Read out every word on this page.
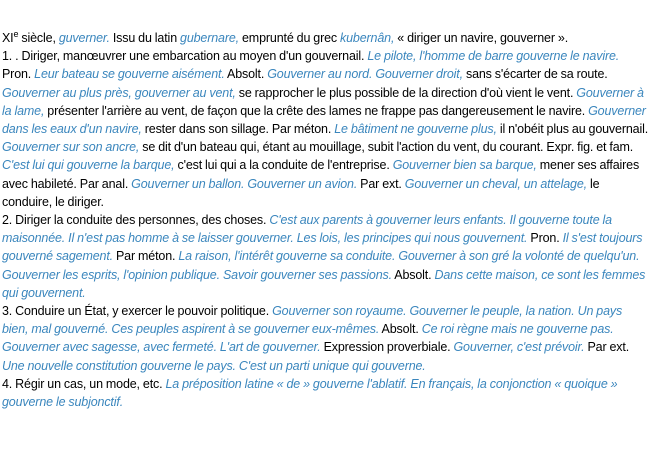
XIe siècle, guverner. Issu du latin gubernare, emprunté du grec kubernân, « diriger un navire, gouverner ».

1. . Diriger, manœuvrer une embarcation au moyen d'un gouvernail. Le pilote, l'homme de barre gouverne le navire. Pron. Leur bateau se gouverne aisément. Absolt. Gouverner au nord. Gouverner droit, sans s'écarter de sa route. Gouverner au plus près, gouverner au vent, se rapprocher le plus possible de la direction d'où vient le vent. Gouverner à la lame, présenter l'arrière au vent, de façon que la crête des lames ne frappe pas dangereusement le navire. Gouverner dans les eaux d'un navire, rester dans son sillage. Par méton. Le bâtiment ne gouverne plus, il n'obéit plus au gouvernail. Gouverner sur son ancre, se dit d'un bateau qui, étant au mouillage, subit l'action du vent, du courant. Expr. fig. et fam. C'est lui qui gouverne la barque, c'est lui qui a la conduite de l'entreprise. Gouverner bien sa barque, mener ses affaires avec habileté. Par anal. Gouverner un ballon. Gouverner un avion. Par ext. Gouverner un cheval, un attelage, le conduire, le diriger.

2. Diriger la conduite des personnes, des choses. C'est aux parents à gouverner leurs enfants. Il gouverne toute la maisonnée. Il n'est pas homme à se laisser gouverner. Les lois, les principes qui nous gouvernent. Pron. Il s'est toujours gouverné sagement. Par méton. La raison, l'intérêt gouverne sa conduite. Gouverner à son gré la volonté de quelqu'un. Gouverner les esprits, l'opinion publique. Savoir gouverner ses passions. Absolt. Dans cette maison, ce sont les femmes qui gouvernent.

3. Conduire un État, y exercer le pouvoir politique. Gouverner son royaume. Gouverner le peuple, la nation. Un pays bien, mal gouverné. Ces peuples aspirent à se gouverner eux-mêmes. Absolt. Ce roi règne mais ne gouverne pas. Gouverner avec sagesse, avec fermeté. L'art de gouverner. Expression proverbiale. Gouverner, c'est prévoir. Par ext. Une nouvelle constitution gouverne le pays. C'est un parti unique qui gouverne.

4. Régir un cas, un mode, etc. La préposition latine « de » gouverne l'ablatif. En français, la conjonction « quoique » gouverne le subjonctif.
